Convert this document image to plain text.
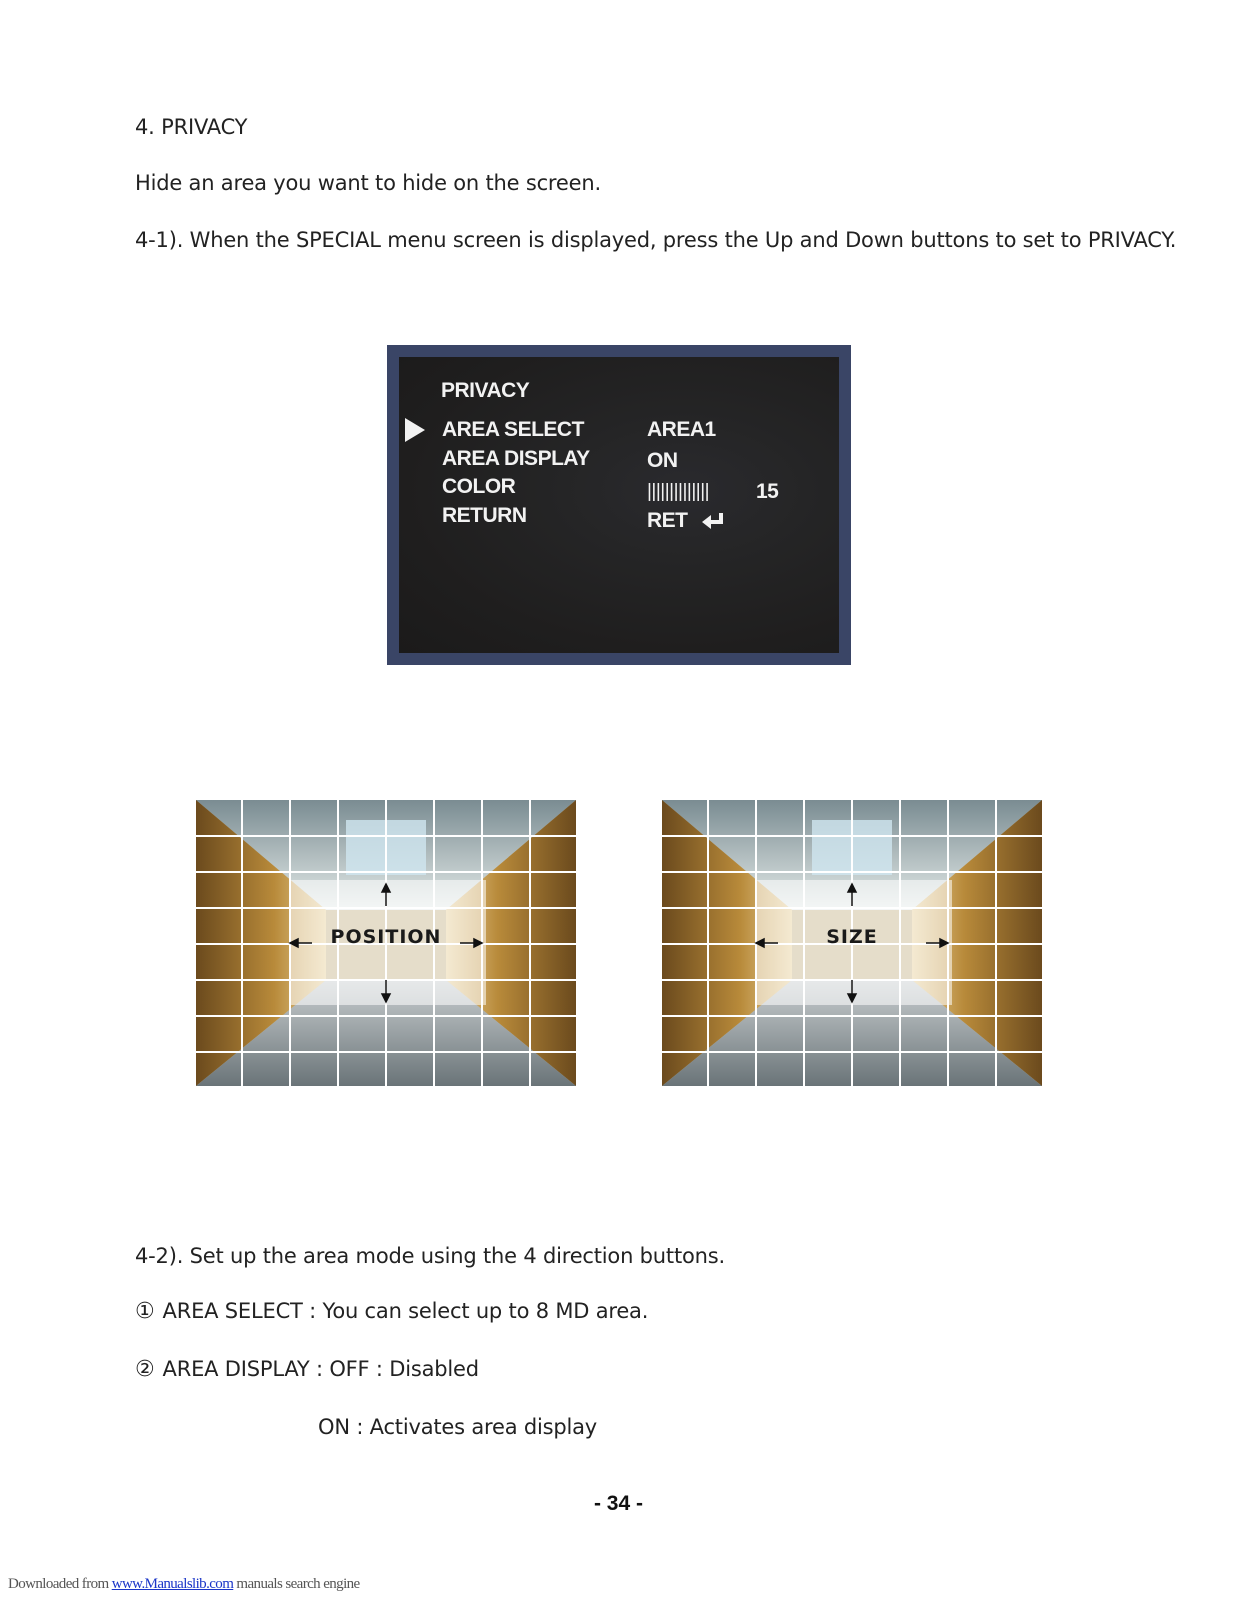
4. PRIVACY

Hide an area you want to hide on the screen.

4-1). When the SPECIAL menu screen is displayed, press the Up and Down buttons to set to PRIVACY.

PRIVACY
AREA SELECT	AREA1
AREA DISPLAY	ON
COLOR	|||||||||||||| 15
RETURN	RET
POSITION	SIZE

4-2). Set up the area mode using the 4 direction buttons.

① AREA SELECT : You can select up to 8 MD area.

② AREA DISPLAY : OFF : Disabled

ON : Activates area display

- 34 -
Downloaded from www.Manualslib.com manuals search engine
